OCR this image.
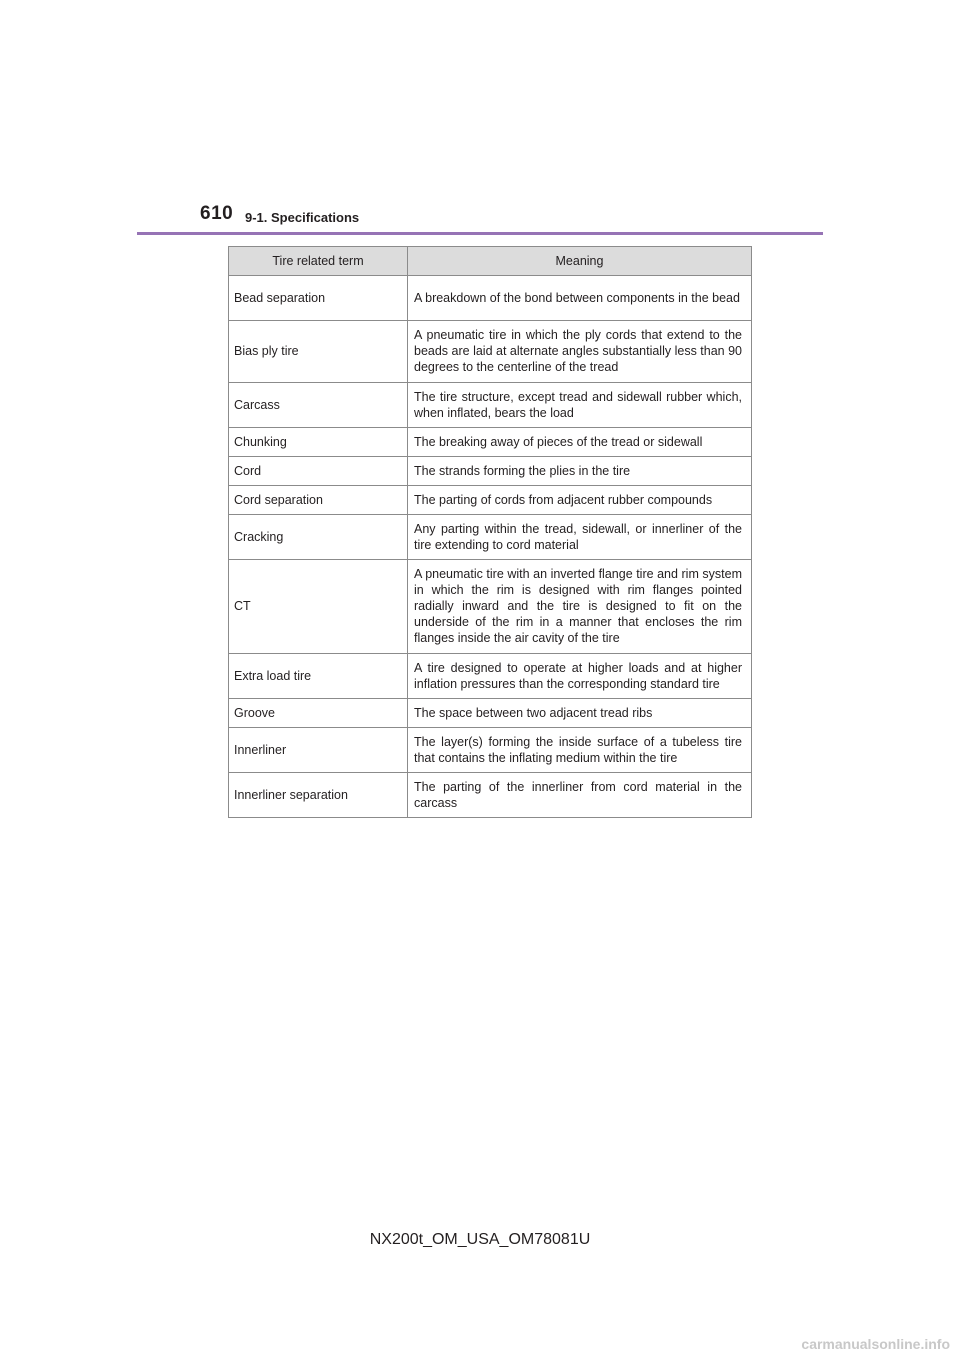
610 9-1. Specifications
Tire related term	Meaning
Bead separation	A breakdown of the bond between components in the bead
Bias ply tire	A pneumatic tire in which the ply cords that extend to the beads are laid at alternate angles substantially less than 90 degrees to the centerline of the tread
Carcass	The tire structure, except tread and sidewall rubber which, when inflated, bears the load
Chunking	The breaking away of pieces of the tread or sidewall
Cord	The strands forming the plies in the tire
Cord separation	The parting of cords from adjacent rubber compounds
Cracking	Any parting within the tread, sidewall, or innerliner of the tire extending to cord material
CT	A pneumatic tire with an inverted flange tire and rim system in which the rim is designed with rim flanges pointed radially inward and the tire is designed to fit on the underside of the rim in a manner that encloses the rim flanges inside the air cavity of the tire
Extra load tire	A tire designed to operate at higher loads and at higher inflation pressures than the corresponding standard tire
Groove	The space between two adjacent tread ribs
Innerliner	The layer(s) forming the inside surface of a tubeless tire that contains the inflating medium within the tire
Innerliner separation	The parting of the innerliner from cord material in the carcass
NX200t_OM_USA_OM78081U
carmanualsonline.info
